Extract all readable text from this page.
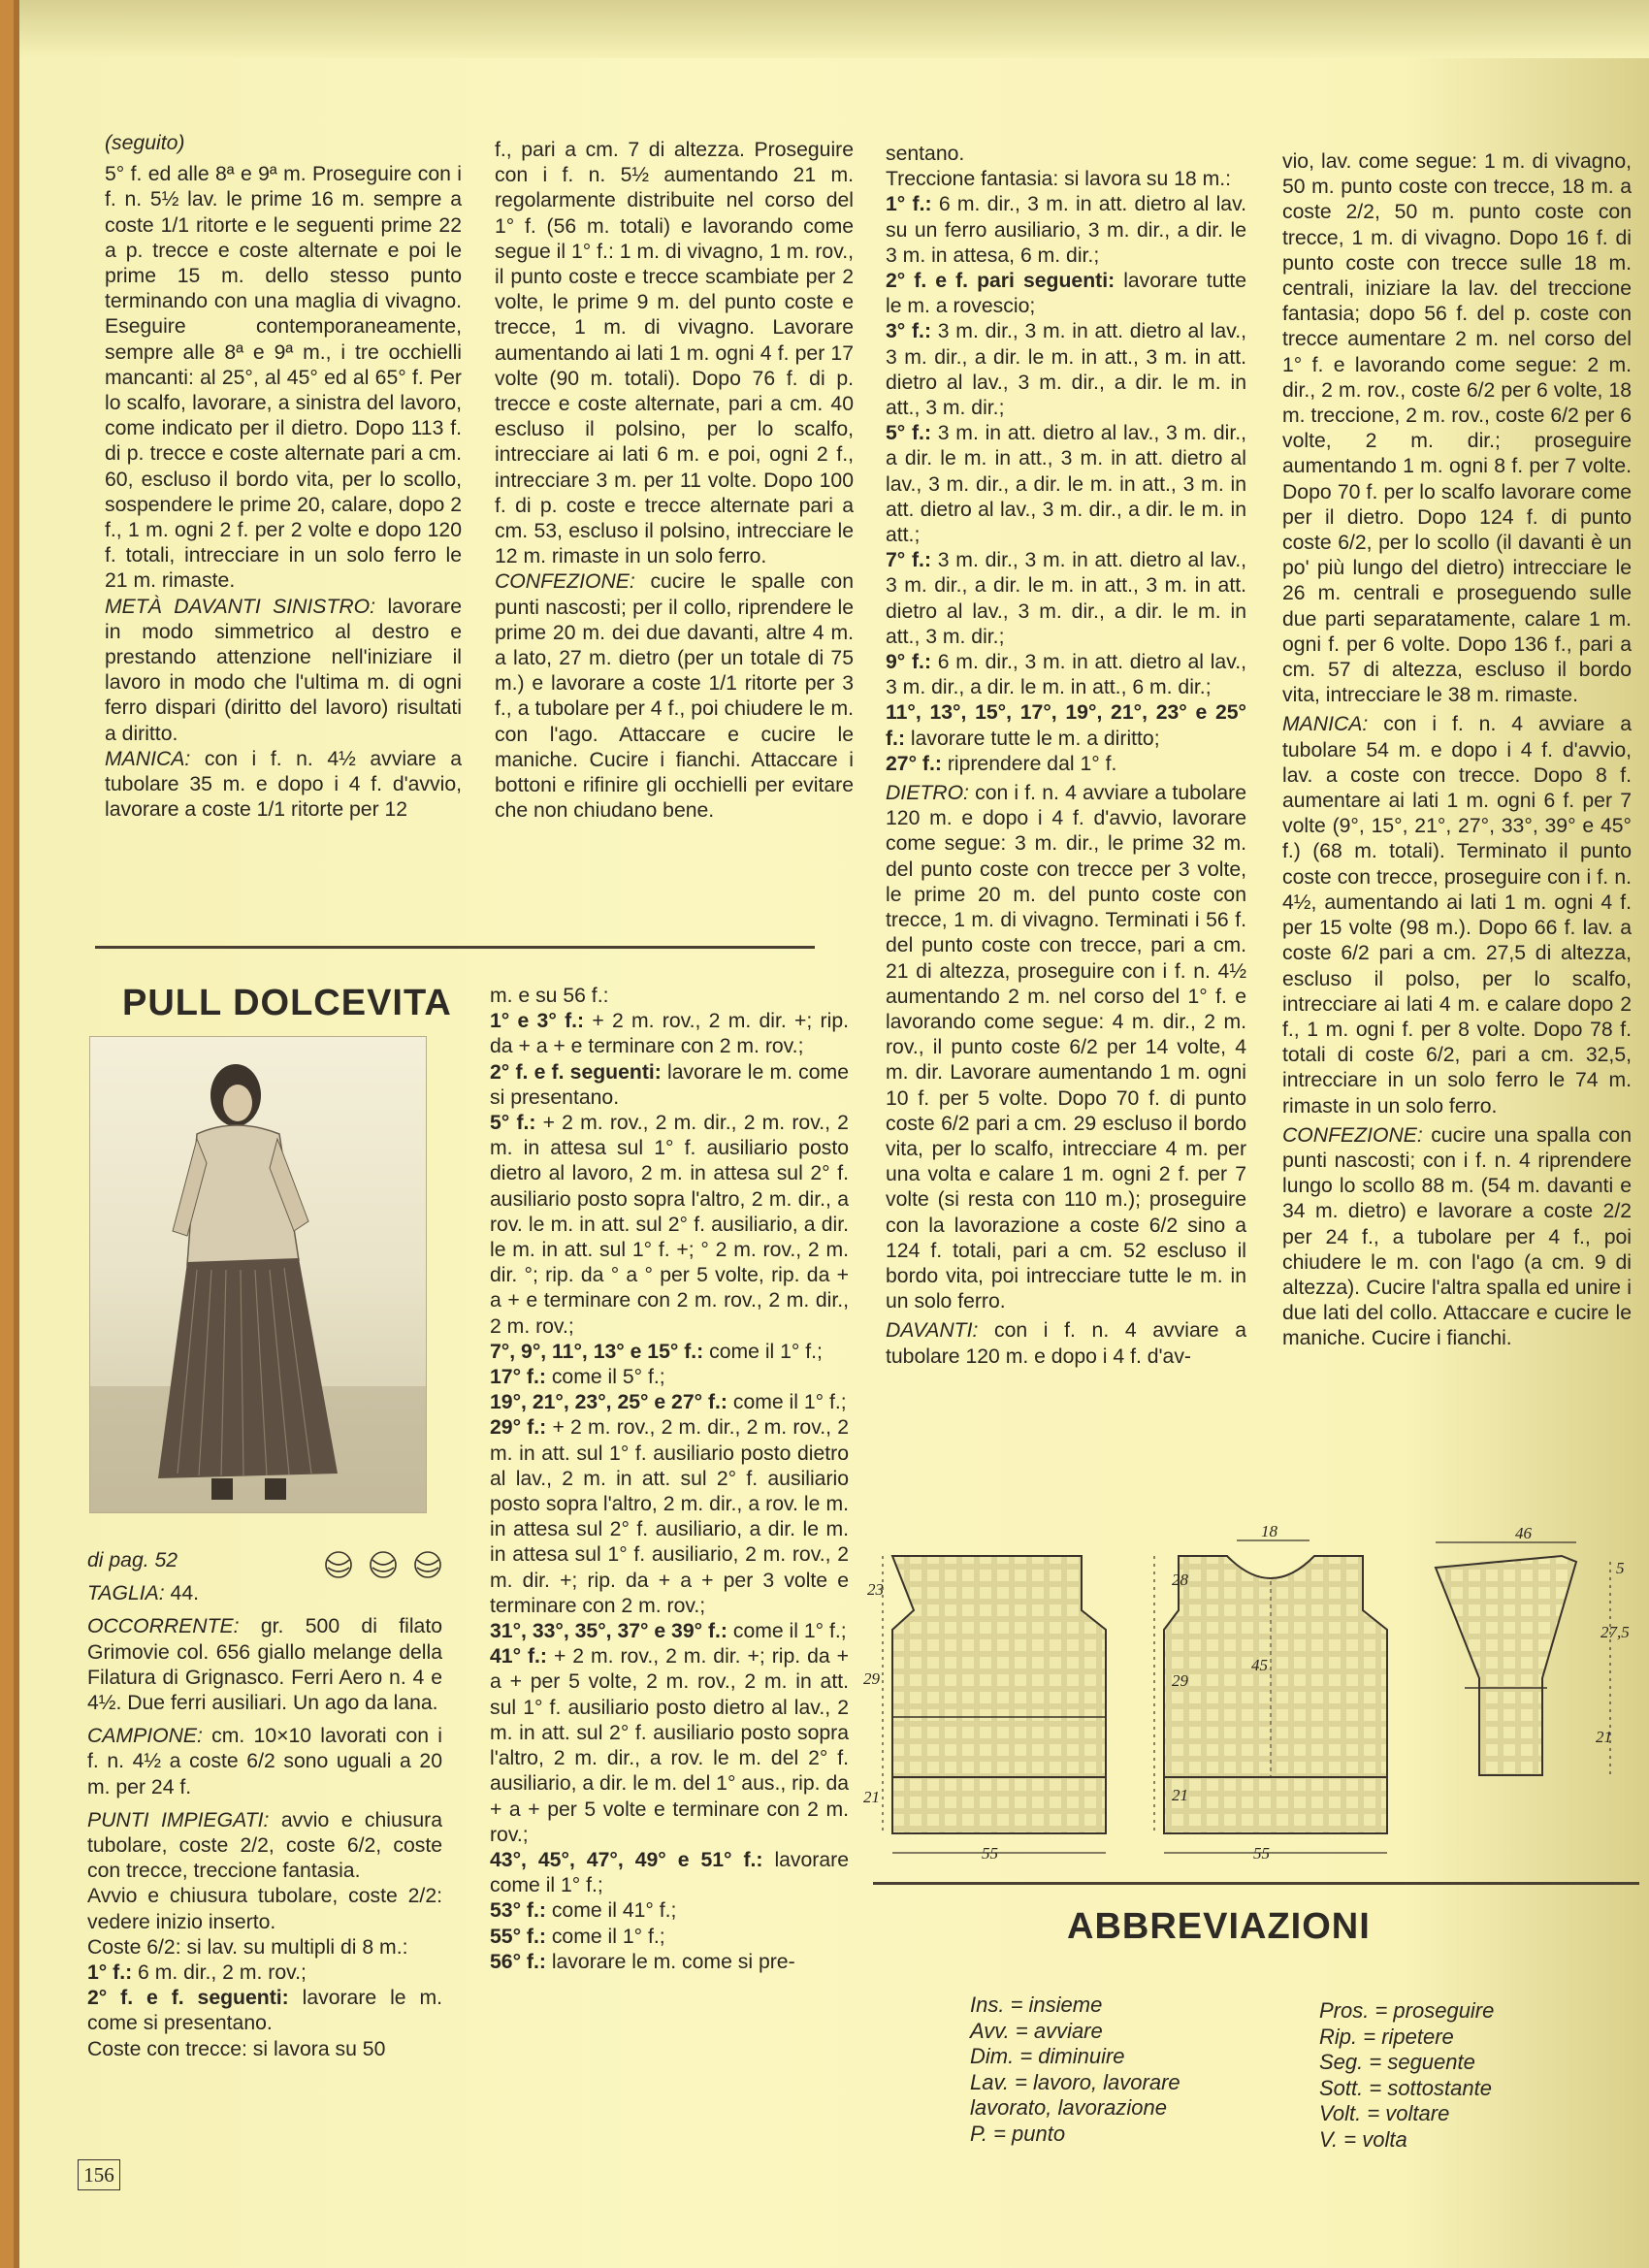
(seguito)

5° f. ed alle 8ª e 9ª m. Proseguire con i f. n. 5½ lav. le prime 16 m. sempre a coste 1/1 ritorte e le seguenti prime 22 a p. trecce e coste alternate e poi le prime 15 m. dello stesso punto terminando con una maglia di vivagno. Eseguire contemporaneamente, sempre alle 8ª e 9ª m., i tre occhielli mancanti: al 25°, al 45° ed al 65° f. Per lo scalfo, lavorare, a sinistra del lavoro, come indicato per il dietro. Dopo 113 f. di p. trecce e coste alternate pari a cm. 60, escluso il bordo vita, per lo scollo, sospendere le prime 20, calare, dopo 2 f., 1 m. ogni 2 f. per 2 volte e dopo 120 f. totali, intrecciare in un solo ferro le 21 m. rimaste.

METÀ DAVANTI SINISTRO: lavorare in modo simmetrico al destro e prestando attenzione nell'iniziare il lavoro in modo che l'ultima m. di ogni ferro dispari (diritto del lavoro) risultati a diritto.

MANICA: con i f. n. 4½ avviare a tubolare 35 m. e dopo i 4 f. d'avvio, lavorare a coste 1/1 ritorte per 12

f., pari a cm. 7 di altezza. Proseguire con i f. n. 5½ aumentando 21 m. regolarmente distribuite nel corso del 1° f. (56 m. totali) e lavorando come segue il 1° f.: 1 m. di vivagno, 1 m. rov., il punto coste e trecce scambiate per 2 volte, le prime 9 m. del punto coste e trecce, 1 m. di vivagno. Lavorare aumentando ai lati 1 m. ogni 4 f. per 17 volte (90 m. totali). Dopo 76 f. di p. trecce e coste alternate, pari a cm. 40 escluso il polsino, per lo scalfo, intrecciare ai lati 6 m. e poi, ogni 2 f., intrecciare 3 m. per 11 volte. Dopo 100 f. di p. coste e trecce alternate pari a cm. 53, escluso il polsino, intrecciare le 12 m. rimaste in un solo ferro.

CONFEZIONE: cucire le spalle con punti nascosti; per il collo, riprendere le prime 20 m. dei due davanti, altre 4 m. a lato, 27 m. dietro (per un totale di 75 m.) e lavorare a coste 1/1 ritorte per 3 f., a tubolare per 4 f., poi chiudere le m. con l'ago. Attaccare e cucire le maniche. Cucire i fianchi. Attaccare i bottoni e rifinire gli occhielli per evitare che non chiudano bene.

sentano.

Treccione fantasia: si lavora su 18 m.:

1° f.: 6 m. dir., 3 m. in att. dietro al lav. su un ferro ausiliario, 3 m. dir., a dir. le 3 m. in attesa, 6 m. dir.;

2° f. e f. pari seguenti: lavorare tutte le m. a rovescio;

3° f.: 3 m. dir., 3 m. in att. dietro al lav., 3 m. dir., a dir. le m. in att., 3 m. in att. dietro al lav., 3 m. dir., a dir. le m. in att., 3 m. dir.;

5° f.: 3 m. in att. dietro al lav., 3 m. dir., a dir. le m. in att., 3 m. in att. dietro al lav., 3 m. dir., a dir. le m. in att., 3 m. in att. dietro al lav., 3 m. dir., a dir. le m. in att.;

7° f.: 3 m. dir., 3 m. in att. dietro al lav., 3 m. dir., a dir. le m. in att., 3 m. in att. dietro al lav., 3 m. dir., a dir. le m. in att., 3 m. dir.;

9° f.: 6 m. dir., 3 m. in att. dietro al lav., 3 m. dir., a dir. le m. in att., 6 m. dir.;

11°, 13°, 15°, 17°, 19°, 21°, 23° e 25° f.: lavorare tutte le m. a diritto;

27° f.: riprendere dal 1° f.

DIETRO: con i f. n. 4 avviare a tubolare 120 m. e dopo i 4 f. d'avvio, lavorare come segue: 3 m. dir., le prime 32 m. del punto coste con trecce per 3 volte, le prime 20 m. del punto coste con trecce, 1 m. di vivagno. Terminati i 56 f. del punto coste con trecce, pari a cm. 21 di altezza, proseguire con i f. n. 4½ aumentando 2 m. nel corso del 1° f. e lavorando come segue: 4 m. dir., 2 m. rov., il punto coste 6/2 per 14 volte, 4 m. dir. Lavorare aumentando 1 m. ogni 10 f. per 5 volte. Dopo 70 f. di punto coste 6/2 pari a cm. 29 escluso il bordo vita, per lo scalfo, intrecciare 4 m. per una volta e calare 1 m. ogni 2 f. per 7 volte (si resta con 110 m.); proseguire con la lavorazione a coste 6/2 sino a 124 f. totali, pari a cm. 52 escluso il bordo vita, poi intrecciare tutte le m. in un solo ferro.

DAVANTI: con i f. n. 4 avviare a tubolare 120 m. e dopo i 4 f. d'av-

vio, lav. come segue: 1 m. di vivagno, 50 m. punto coste con trecce, 18 m. a coste 2/2, 50 m. punto coste con trecce, 1 m. di vivagno. Dopo 16 f. di punto coste con trecce sulle 18 m. centrali, iniziare la lav. del treccione fantasia; dopo 56 f. del p. coste con trecce aumentare 2 m. nel corso del 1° f. e lavorando come segue: 2 m. dir., 2 m. rov., coste 6/2 per 6 volte, 18 m. treccione, 2 m. rov., coste 6/2 per 6 volte, 2 m. dir.; proseguire aumentando 1 m. ogni 8 f. per 7 volte. Dopo 70 f. per lo scalfo lavorare come per il dietro. Dopo 124 f. di punto coste 6/2, per lo scollo (il davanti è un po' più lungo del dietro) intrecciare le 26 m. centrali e proseguendo sulle due parti separatamente, calare 1 m. ogni f. per 6 volte. Dopo 136 f., pari a cm. 57 di altezza, escluso il bordo vita, intrecciare le 38 m. rimaste.

MANICA: con i f. n. 4 avviare a tubolare 54 m. e dopo i 4 f. d'avvio, lav. a coste con trecce. Dopo 8 f. aumentare ai lati 1 m. ogni 6 f. per 7 volte (9°, 15°, 21°, 27°, 33°, 39° e 45° f.) (68 m. totali). Terminato il punto coste con trecce, proseguire con i f. n. 4½, aumentando ai lati 1 m. ogni 4 f. per 15 volte (98 m.). Dopo 66 f. lav. a coste 6/2 pari a cm. 27,5 di altezza, escluso il polso, per lo scalfo, intrecciare ai lati 4 m. e calare dopo 2 f., 1 m. ogni f. per 8 volte. Dopo 78 f. totali di coste 6/2, pari a cm. 32,5, intrecciare in un solo ferro le 74 m. rimaste in un solo ferro.

CONFEZIONE: cucire una spalla con punti nascosti; con i f. n. 4 riprendere lungo lo scollo 88 m. (54 m. davanti e 34 m. dietro) e lavorare a coste 2/2 per 24 f., a tubolare per 4 f., poi chiudere le m. con l'ago (a cm. 9 di altezza). Cucire l'altra spalla ed unire i due lati del collo. Attaccare e cucire le maniche. Cucire i fianchi.

PULL DOLCEVITA

di pag. 52

TAGLIA: 44.

OCCORRENTE: gr. 500 di filato Grimovie col. 656 giallo melange della Filatura di Grignasco. Ferri Aero n. 4 e 4½. Due ferri ausiliari. Un ago da lana.

CAMPIONE: cm. 10×10 lavorati con i f. n. 4½ a coste 6/2 sono uguali a 20 m. per 24 f.

PUNTI IMPIEGATI: avvio e chiusura tubolare, coste 2/2, coste 6/2, coste con trecce, treccione fantasia.

Avvio e chiusura tubolare, coste 2/2: vedere inizio inserto.

Coste 6/2: si lav. su multipli di 8 m.:

1° f.: 6 m. dir., 2 m. rov.;

2° f. e f. seguenti: lavorare le m. come si presentano.

Coste con trecce: si lavora su 50

m. e su 56 f.:

1° e 3° f.: + 2 m. rov., 2 m. dir. +; rip. da + a + e terminare con 2 m. rov.;

2° f. e f. seguenti: lavorare le m. come si presentano.

5° f.: + 2 m. rov., 2 m. dir., 2 m. rov., 2 m. in attesa sul 1° f. ausiliario posto dietro al lavoro, 2 m. in attesa sul 2° f. ausiliario posto sopra l'altro, 2 m. dir., a rov. le m. in att. sul 2° f. ausiliario, a dir. le m. in att. sul 1° f. +; ° 2 m. rov., 2 m. dir. °; rip. da ° a ° per 5 volte, rip. da + a + e terminare con 2 m. rov., 2 m. dir., 2 m. rov.;

7°, 9°, 11°, 13° e 15° f.: come il 1° f.;

17° f.: come il 5° f.;

19°, 21°, 23°, 25° e 27° f.: come il 1° f.;

29° f.: + 2 m. rov., 2 m. dir., 2 m. rov., 2 m. in att. sul 1° f. ausiliario posto dietro al lav., 2 m. in att. sul 2° f. ausiliario posto sopra l'altro, 2 m. dir., a rov. le m. in attesa sul 2° f. ausiliario, a dir. le m. in attesa sul 1° f. ausiliario, 2 m. rov., 2 m. dir. +; rip. da + a + per 3 volte e terminare con 2 m. rov.;

31°, 33°, 35°, 37° e 39° f.: come il 1° f.;

41° f.: + 2 m. rov., 2 m. dir. +; rip. da + a + per 5 volte, 2 m. rov., 2 m. in att. sul 1° f. ausiliario posto dietro al lav., 2 m. in att. sul 2° f. ausiliario posto sopra l'altro, 2 m. dir., a rov. le m. del 2° f. ausiliario, a dir. le m. del 1° aus., rip. da + a + per 5 volte e terminare con 2 m. rov.;

43°, 45°, 47°, 49° e 51° f.: lavorare come il 1° f.;

53° f.: come il 41° f.;

55° f.: come il 1° f.;

56° f.: lavorare le m. come si pre-

23
29
21
55
18
28
29
45
21
55
46
5
27,5
21
ABBREVIAZIONI
Ins. = insieme
Avv. = avviare
Dim. = diminuire
Lav. = lavoro, lavorare
lavorato, lavorazione
P. = punto
Pros. = proseguire
Rip. = ripetere
Seg. = seguente
Sott. = sottostante
Volt. = voltare
V. = volta
156
